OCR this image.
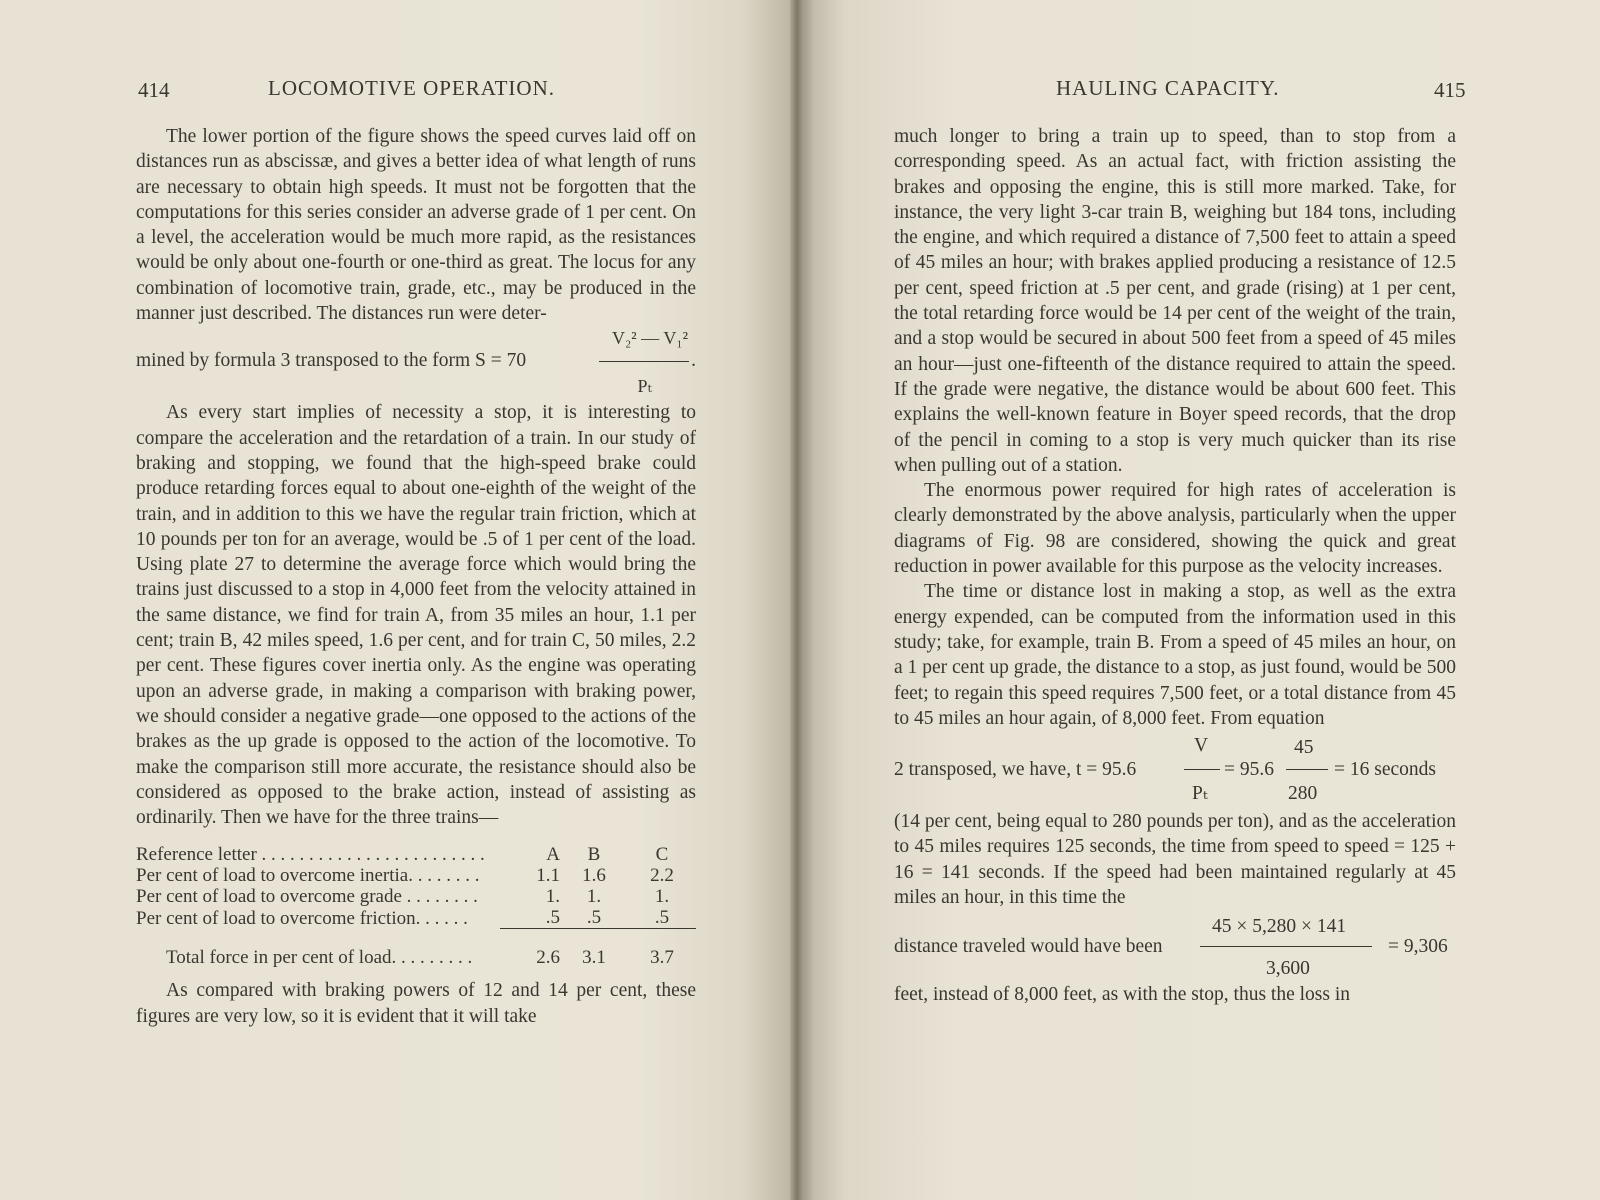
414	LOCOMOTIVE OPERATION.

The lower portion of the figure shows the speed curves laid off on distances run as abscissæ, and gives a better idea of what length of runs are necessary to obtain high speeds. It must not be forgotten that the computations for this series consider an adverse grade of 1 per cent. On a level, the acceleration would be much more rapid, as the resistances would be only about one-fourth or one-third as great. The locus for any combination of locomotive train, grade, etc., may be produced in the manner just described. The distances run were deter-

V₂² — V₁²
mined by formula 3 transposed to the form S = 70	.
Pₜ

As every start implies of necessity a stop, it is interesting to compare the acceleration and the retardation of a train. In our study of braking and stopping, we found that the high-speed brake could produce retarding forces equal to about one-eighth of the weight of the train, and in addition to this we have the regular train friction, which at 10 pounds per ton for an average, would be .5 of 1 per cent of the load. Using plate 27 to determine the average force which would bring the trains just discussed to a stop in 4,000 feet from the velocity attained in the same distance, we find for train A, from 35 miles an hour, 1.1 per cent; train B, 42 miles speed, 1.6 per cent, and for train C, 50 miles, 2.2 per cent. These figures cover inertia only. As the engine was operating upon an adverse grade, in making a comparison with braking power, we should consider a negative grade—one opposed to the actions of the brakes as the up grade is opposed to the action of the locomotive. To make the comparison still more accurate, the resistance should also be considered as opposed to the brake action, instead of assisting as ordinarily. Then we have for the three trains—

Reference letter . . . . . . . . . . . . . . . . . . . . . . . .	A	B	C
Per cent of load to overcome inertia. . . . . . . .	1.1	1.6	2.2
Per cent of load to overcome grade . . . . . . . .	1.	1.	1.
Per cent of load to overcome friction. . . . . .	.5	.5	.5

Total force in per cent of load. . . . . . . . .	2.6	3.1	3.7

As compared with braking powers of 12 and 14 per cent, these figures are very low, so it is evident that it will take

HAULING CAPACITY.	415

much longer to bring a train up to speed, than to stop from a corresponding speed. As an actual fact, with friction assisting the brakes and opposing the engine, this is still more marked. Take, for instance, the very light 3-car train B, weighing but 184 tons, including the engine, and which required a distance of 7,500 feet to attain a speed of 45 miles an hour; with brakes applied producing a resistance of 12.5 per cent, speed friction at .5 per cent, and grade (rising) at 1 per cent, the total retarding force would be 14 per cent of the weight of the train, and a stop would be secured in about 500 feet from a speed of 45 miles an hour—just one-fifteenth of the distance required to attain the speed. If the grade were negative, the distance would be about 600 feet. This explains the well-known feature in Boyer speed records, that the drop of the pencil in coming to a stop is very much quicker than its rise when pulling out of a station.

The enormous power required for high rates of acceleration is clearly demonstrated by the above analysis, particularly when the upper diagrams of Fig. 98 are considered, showing the quick and great reduction in power available for this purpose as the velocity increases.

The time or distance lost in making a stop, as well as the extra energy expended, can be computed from the information used in this study; take, for example, train B. From a speed of 45 miles an hour, on a 1 per cent up grade, the distance to a stop, as just found, would be 500 feet; to regain this speed requires 7,500 feet, or a total distance from 45 to 45 miles an hour again, of 8,000 feet. From equation

V	45
2 transposed, we have, t = 95.6	= 95.6	= 16 seconds
Pₜ	280

(14 per cent, being equal to 280 pounds per ton), and as the acceleration to 45 miles requires 125 seconds, the time from speed to speed = 125 + 16 = 141 seconds. If the speed had been maintained regularly at 45 miles an hour, in this time the

45 × 5,280 × 141
distance traveled would have been	= 9,306
3,600

feet, instead of 8,000 feet, as with the stop, thus the loss in
